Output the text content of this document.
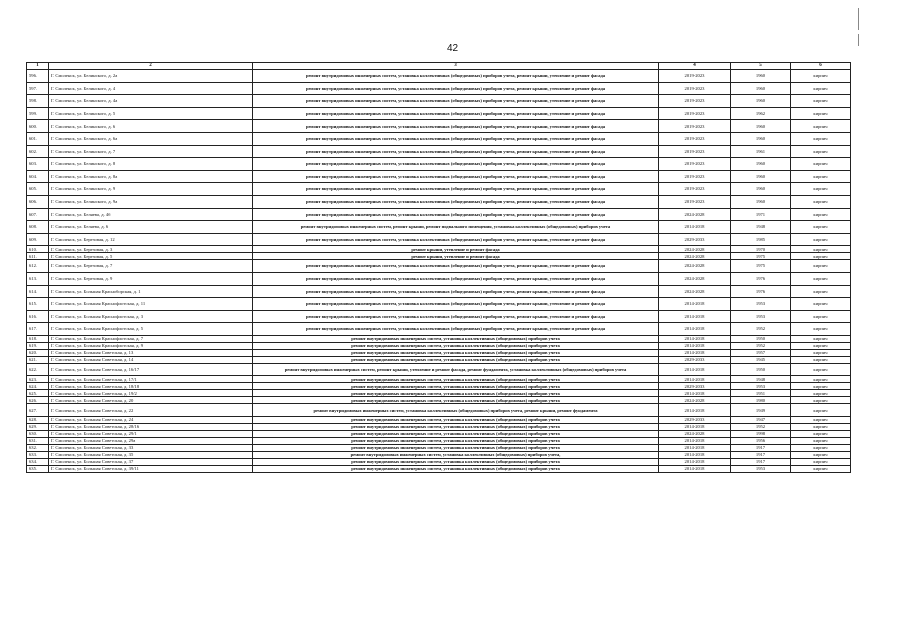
42
1	2	3	4	5	6
596.	Г. Смоленск, ул. Белинского, д. 2а	ремонт внутридомовых инженерных систем, установка коллективных (общедомовых) приборов учета, ремонт крыши, утепление и ремонт фасада	2019-2023	1960	кирпич
597.	Г. Смоленск, ул. Белинского, д. 4	ремонт внутридомовых инженерных систем, установка коллективных (общедомовых) приборов учета, ремонт крыши, утепление и ремонт фасада	2019-2023	1960	кирпич
598.	Г. Смоленск, ул. Белинского, д. 4а	ремонт внутридомовых инженерных систем, установка коллективных (общедомовых) приборов учета, ремонт крыши, утепление и ремонт фасада	2019-2023	1960	кирпич
599.	Г. Смоленск, ул. Белинского, д. 5	ремонт внутридомовых инженерных систем, установка коллективных (общедомовых) приборов учета, ремонт крыши, утепление и ремонт фасада	2019-2023	1962	кирпич
600.	Г. Смоленск, ул. Белинского, д. 6	ремонт внутридомовых инженерных систем, установка коллективных (общедомовых) приборов учета, ремонт крыши, утепление и ремонт фасада	2019-2023	1960	кирпич
601.	Г. Смоленск, ул. Белинского, д. 6а	ремонт внутридомовых инженерных систем, установка коллективных (общедомовых) приборов учета, ремонт крыши, утепление и ремонт фасада	2019-2023	1960	кирпич
602.	Г. Смоленск, ул. Белинского, д. 7	ремонт внутридомовых инженерных систем, установка коллективных (общедомовых) приборов учета, ремонт крыши, утепление и ремонт фасада	2019-2023	1961	кирпич
603.	Г. Смоленск, ул. Белинского, д. 8	ремонт внутридомовых инженерных систем, установка коллективных (общедомовых) приборов учета, ремонт крыши, утепление и ремонт фасада	2019-2023	1960	кирпич
604.	Г. Смоленск, ул. Белинского, д. 8а	ремонт внутридомовых инженерных систем, установка коллективных (общедомовых) приборов учета, ремонт крыши, утепление и ремонт фасада	2019-2023	1960	кирпич
605.	Г. Смоленск, ул. Белинского, д. 9	ремонт внутридомовых инженерных систем, установка коллективных (общедомовых) приборов учета, ремонт крыши, утепление и ремонт фасада	2019-2023	1960	кирпич
606.	Г. Смоленск, ул. Белинского, д. 9а	ремонт внутридомовых инженерных систем, установка коллективных (общедомовых) приборов учета, ремонт крыши, утепление и ремонт фасада	2019-2023	1960	кирпич
607.	Г. Смоленск, ул. Беляева, д. 4б	ремонт внутридомовых инженерных систем, установка коллективных (общедомовых) приборов учета, ремонт крыши, утепление и ремонт фасада	2024-2028	1971	кирпич
608.	Г. Смоленск, ул. Беляева, д. 6	ремонт внутридомовых инженерных систем, ремонт крыши, ремонт подвального помещения, установка коллективных (общедомовых) приборов учета	2014-2018	1948	кирпич
609.	Г. Смоленск, ул. Березовая, д. 12	ремонт внутридомовых инженерных систем, установка коллективных (общедомовых) приборов учета, ремонт крыши, утепление и ремонт фасада	2029-2033	1985	кирпич
610.	Г. Смоленск, ул. Березовая, д. 3	ремонт крыши, утепление и ремонт фасада	2024-2028	1970	кирпич
611.	Г. Смоленск, ул. Березовая, д. 5	ремонт крыши, утепление и ремонт фасада	2024-2028	1975	кирпич
612.	Г. Смоленск, ул. Березовая, д. 7	ремонт внутридомовых инженерных систем, установка коллективных (общедомовых) приборов учета, ремонт крыши, утепление и ремонт фасада	2024-2028	1975	кирпич
613.	Г. Смоленск, ул. Березовая, д. 9	ремонт внутридомовых инженерных систем, установка коллективных (общедомовых) приборов учета, ремонт крыши, утепление и ремонт фасада	2024-2028	1976	кирпич
614.	Г. Смоленск, ул. Большая Красноборская, д. 1	ремонт внутридомовых инженерных систем, установка коллективных (общедомовых) приборов учета, ремонт крыши, утепление и ремонт фасада	2024-2028	1976	кирпич
615.	Г. Смоленск, ул. Большая Краснофлотская, д. 11	ремонт внутридомовых инженерных систем, установка коллективных (общедомовых) приборов учета, ремонт крыши, утепление и ремонт фасада	2014-2018	1953	кирпич
616.	Г. Смоленск, ул. Большая Краснофлотская, д. 3	ремонт внутридомовых инженерных систем, установка коллективных (общедомовых) приборов учета, ремонт крыши, утепление и ремонт фасада	2014-2018	1953	кирпич
617.	Г. Смоленск, ул. Большая Краснофлотская, д. 5	ремонт внутридомовых инженерных систем, установка коллективных (общедомовых) приборов учета, ремонт крыши, утепление и ремонт фасада	2014-2018	1952	кирпич
618.	Г. Смоленск, ул. Большая Краснофлотская, д. 7	ремонт внутридомовых инженерных систем, установка коллективных (общедомовых) приборов учета	2014-2018	1950	кирпич
619.	Г. Смоленск, ул. Большая Краснофлотская, д. 9	ремонт внутридомовых инженерных систем, установка коллективных (общедомовых) приборов учета	2014-2018	1952	кирпич
620.	Г. Смоленск, ул. Большая Советская, д. 13	ремонт внутридомовых инженерных систем, установка коллективных (общедомовых) приборов учета	2014-2018	1957	кирпич
621.	Г. Смоленск, ул. Большая Советская, д. 14	ремонт внутридомовых инженерных систем, установка коллективных (общедомовых) приборов учета	2029-2033	1945	кирпич
622.	Г. Смоленск, ул. Большая Советская, д. 16/17	ремонт внутридомовых инженерных систем, ремонт крыши, утепление и ремонт фасада, ремонт фундамента, установка коллективных (общедомовых) приборов учета	2014-2018	1950	кирпич
623.	Г. Смоленск, ул. Большая Советская, д. 17/1	ремонт внутридомовых инженерных систем, установка коллективных (общедомовых) приборов учета	2014-2018	1948	кирпич
624.	Г. Смоленск, ул. Большая Советская, д. 18/18	ремонт внутридомовых инженерных систем, установка коллективных (общедомовых) приборов учета	2029-2033	1953	кирпич
625.	Г. Смоленск, ул. Большая Советская, д. 19/2	ремонт внутридомовых инженерных систем, установка коллективных (общедомовых) приборов учета	2014-2018	1951	кирпич
626.	Г. Смоленск, ул. Большая Советская, д. 20	ремонт внутридомовых инженерных систем, установка коллективных (общедомовых) приборов учета	2024-2028	1980	кирпич
627.	Г. Смоленск, ул. Большая Советская, д. 22	ремонт внутридомовых инженерных систем, установка коллективных (общедомовых) приборов учета, ремонт крыши, ремонт фундамента	2014-2018	1949	кирпич
628.	Г. Смоленск, ул. Большая Советская, д. 24	ремонт внутридомовых инженерных систем, установка коллективных (общедомовых) приборов учета	2029-2033	1947	кирпич
629.	Г. Смоленск, ул. Большая Советская, д. 28/16	ремонт внутридомовых инженерных систем, установка коллективных (общедомовых) приборов учета	2014-2018	1952	кирпич
630.	Г. Смоленск, ул. Большая Советская, д. 29/1	ремонт внутридомовых инженерных систем, установка коллективных (общедомовых) приборов учета	2024-2028	1998	кирпич
631.	Г. Смоленск, ул. Большая Советская, д. 29а	ремонт внутридомовых инженерных систем, установка коллективных (общедомовых) приборов учета	2014-2018	1956	кирпич
632.	Г. Смоленск, ул. Большая Советская, д. 33	ремонт внутридомовых инженерных систем, установка коллективных (общедомовых) приборов учета	2014-2018	1917	кирпич
633.	Г. Смоленск, ул. Большая Советская, д. 35	ремонт внутридомовых инженерных систем, установка коллективных (общедомовых) приборов учета,	2014-2018	1917	кирпич
634.	Г. Смоленск, ул. Большая Советская, д. 37	ремонт внутридомовых инженерных систем, установка коллективных (общедомовых) приборов учета	2014-2018	1917	кирпич
635.	Г. Смоленск, ул. Большая Советская, д. 39/11	ремонт внутридомовых инженерных систем, установка коллективных (общедомовых) приборов учета	2014-2018	1953	кирпич
